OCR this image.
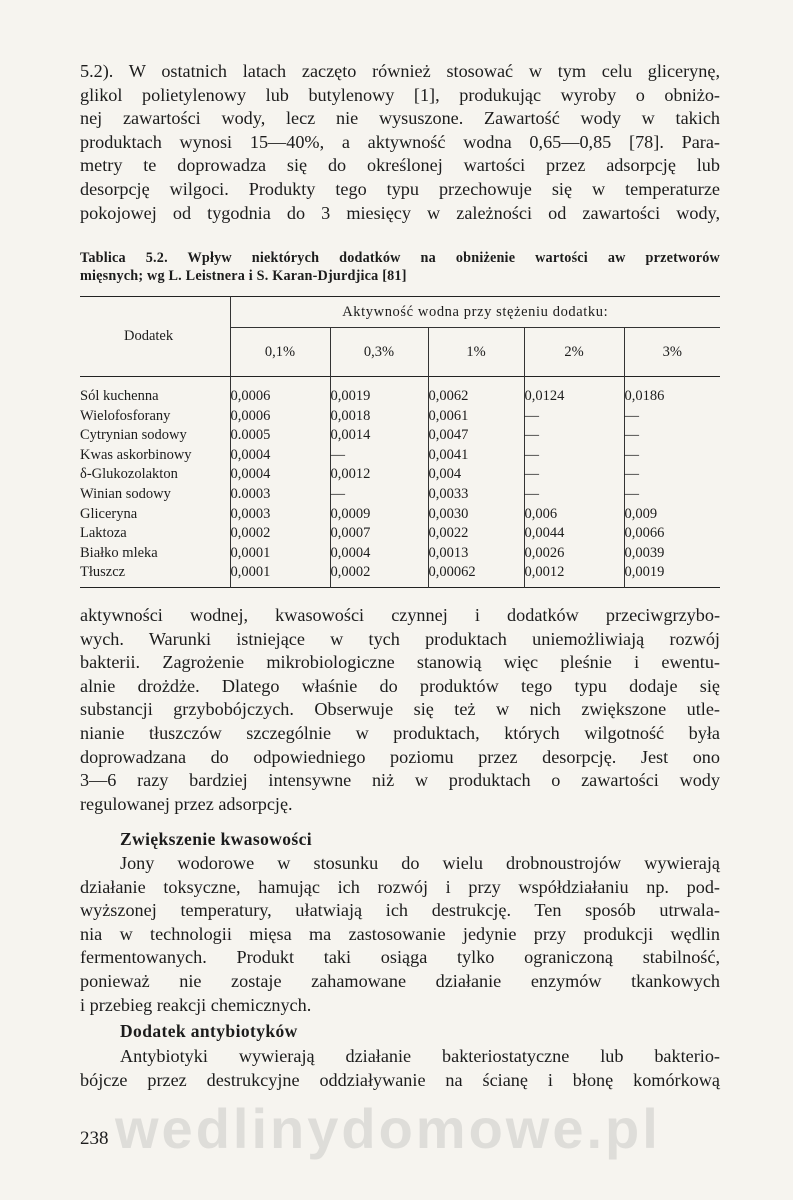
5.2). W ostatnich latach zaczęto również stosować w tym celu glicerynę,
glikol polietylenowy lub butylenowy [1], produkując wyroby o obniżo-
nej zawartości wody, lecz nie wysuszone. Zawartość wody w takich
produktach wynosi 15—40%, a aktywność wodna 0,65—0,85 [78]. Para-
metry te doprowadza się do określonej wartości przez adsorpcję lub
desorpcję wilgoci. Produkty tego typu przechowuje się w temperaturze
pokojowej od tygodnia do 3 miesięcy w zależności od zawartości wody,
Tablica 5.2. Wpływ niektórych dodatków na obniżenie wartości aw przetworów
mięsnych; wg L. Leistnera i S. Karan-Djurdjica [81]
Dodatek	Aktywność wodna przy stężeniu dodatku:				
	0,1%	0,3%	1%	2%	3%
Sól kuchenna	0,0006	0,0019	0,0062	0,0124	0,0186
Wielofosforany	0,0006	0,0018	0,0061	—	—
Cytrynian sodowy	0.0005	0,0014	0,0047	—	—
Kwas askorbinowy	0,0004	—	0,0041	—	—
δ-Glukozolakton	0,0004	0,0012	0,004	—	—
Winian sodowy	0.0003	—	0,0033	—	—
Gliceryna	0,0003	0,0009	0,0030	0,006	0,009
Laktoza	0,0002	0,0007	0,0022	0,0044	0,0066
Białko mleka	0,0001	0,0004	0,0013	0,0026	0,0039
Tłuszcz	0,0001	0,0002	0,00062	0,0012	0,0019
aktywności wodnej, kwasowości czynnej i dodatków przeciwgrzybo-
wych. Warunki istniejące w tych produktach uniemożliwiają rozwój
bakterii. Zagrożenie mikrobiologiczne stanowią więc pleśnie i ewentu-
alnie drożdże. Dlatego właśnie do produktów tego typu dodaje się
substancji grzybobójczych. Obserwuje się też w nich zwiększone utle-
nianie tłuszczów szczególnie w produktach, których wilgotność była
doprowadzana do odpowiedniego poziomu przez desorpcję. Jest ono
3—6 razy bardziej intensywne niż w produktach o zawartości wody
regulowanej przez adsorpcję.

Zwiększenie kwasowości

Jony wodorowe w stosunku do wielu drobnoustrojów wywierają
działanie toksyczne, hamując ich rozwój i przy współdziałaniu np. pod-
wyższonej temperatury, ułatwiają ich destrukcję. Ten sposób utrwala-
nia w technologii mięsa ma zastosowanie jedynie przy produkcji wędlin
fermentowanych. Produkt taki osiąga tylko ograniczoną stabilność,
ponieważ nie zostaje zahamowane działanie enzymów tkankowych
i przebieg reakcji chemicznych.

Dodatek antybiotyków

Antybiotyki wywierają działanie bakteriostatyczne lub bakterio-
bójcze przez destrukcyjne oddziaływanie na ścianę i błonę komórkową
wedlinydomowe.pl

238
